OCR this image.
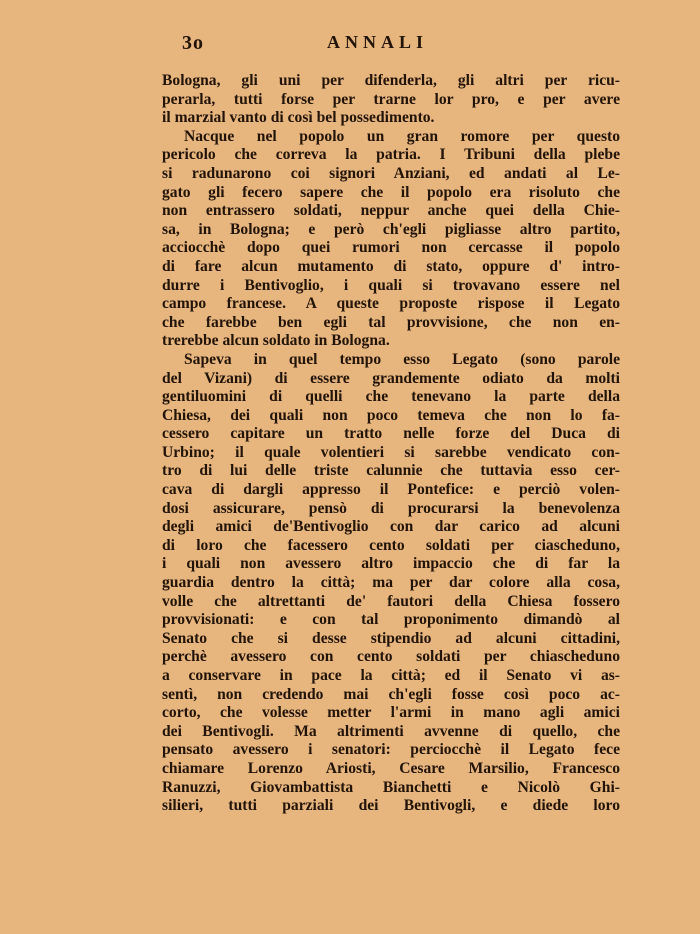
3o	ANNALI
Bologna, gli uni per difenderla, gli altri per ricu-
perarla, tutti forse per trarne lor pro, e per avere
il marzial vanto di così bel possedimento.
Nacque nel popolo un gran romore per questo
pericolo che correva la patria. I Tribuni della plebe
si radunarono coi signori Anziani, ed andati al Le-
gato gli fecero sapere che il popolo era risoluto che
non entrassero soldati, neppur anche quei della Chie-
sa, in Bologna; e però ch'egli pigliasse altro partito,
acciocchè dopo quei rumori non cercasse il popolo
di fare alcun mutamento di stato, oppure d' intro-
durre i Bentivoglio, i quali si trovavano essere nel
campo francese. A queste proposte rispose il Legato
che farebbe ben egli tal provvisione, che non en-
trerebbe alcun soldato in Bologna.
Sapeva in quel tempo esso Legato (sono parole
del Vizani) di essere grandemente odiato da molti
gentiluomini di quelli che tenevano la parte della
Chiesa, dei quali non poco temeva che non lo fa-
cessero capitare un tratto nelle forze del Duca di
Urbino; il quale volentieri si sarebbe vendicato con-
tro di lui delle triste calunnie che tuttavia esso cer-
cava di dargli appresso il Pontefice: e perciò volen-
dosi assicurare, pensò di procurarsi la benevolenza
degli amici de'Bentivoglio con dar carico ad alcuni
di loro che facessero cento soldati per ciascheduno,
i quali non avessero altro impaccio che di far la
guardia dentro la città; ma per dar colore alla cosa,
volle che altrettanti de' fautori della Chiesa fossero
provvisionati: e con tal proponimento dimandò al
Senato che si desse stipendio ad alcuni cittadini,
perchè avessero con cento soldati per chiascheduno
a conservare in pace la città; ed il Senato vi as-
sentì, non credendo mai ch'egli fosse così poco ac-
corto, che volesse metter l'armi in mano agli amici
dei Bentivogli. Ma altrimenti avvenne di quello, che
pensato avessero i senatori: perciocchè il Legato fece
chiamare Lorenzo Ariosti, Cesare Marsilio, Francesco
Ranuzzi, Giovambattista Bianchetti e Nicolò Ghi-
silieri, tutti parziali dei Bentivogli, e diede loro
